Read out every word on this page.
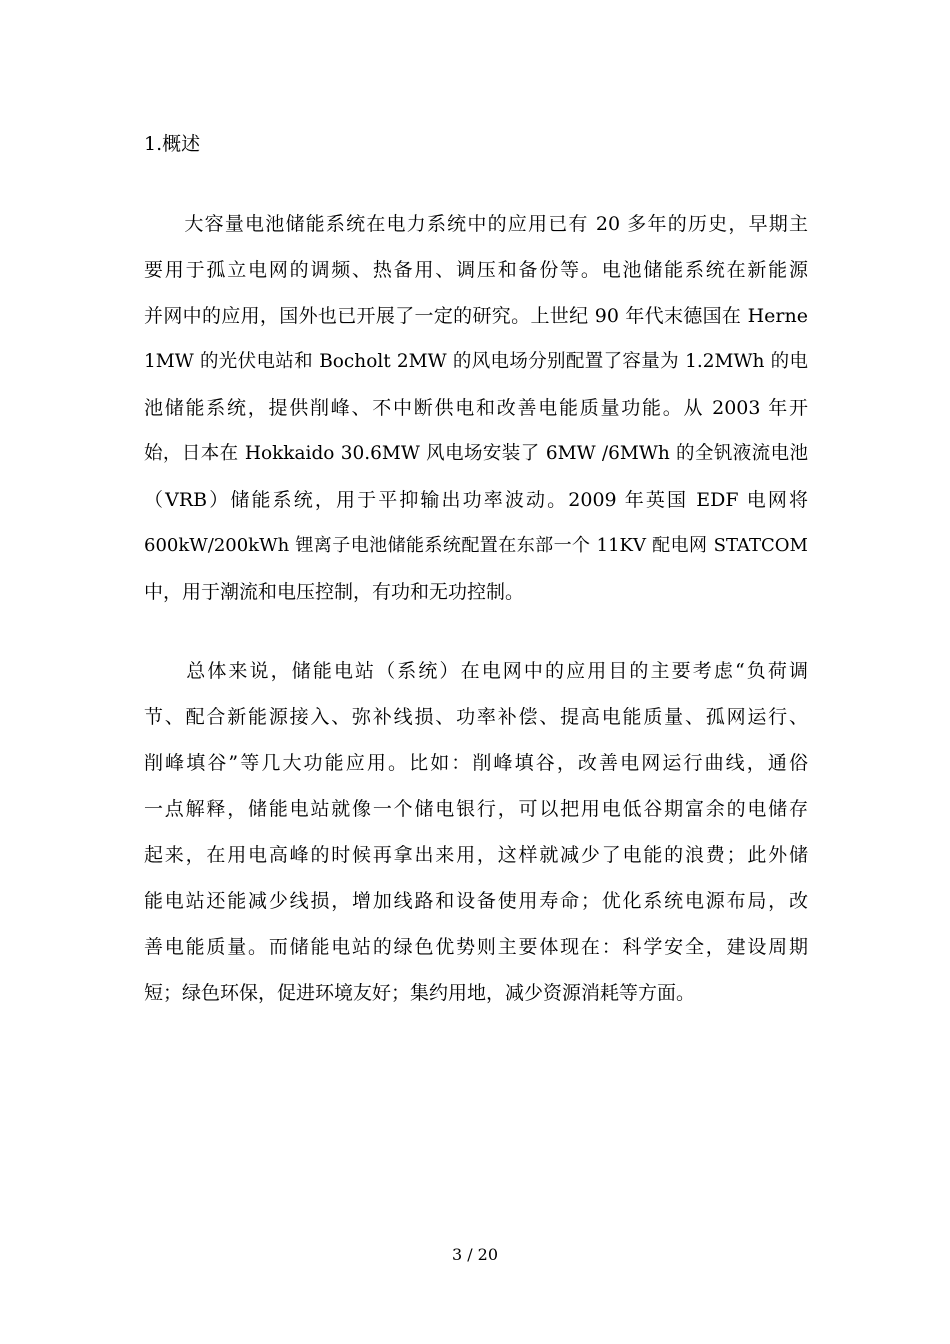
1.概述
　　大容量电池储能系统在电力系统中的应用已有 20 多年的历史，早期主
要用于孤立电网的调频、热备用、调压和备份等。电池储能系统在新能源
并网中的应用，国外也已开展了一定的研究。上世纪 90 年代末德国在 Herne
1MW 的光伏电站和 Bocholt 2MW 的风电场分别配置了容量为 1.2MWh 的电
池储能系统，提供削峰、不中断供电和改善电能质量功能。从 2003 年开
始，日本在 Hokkaido 30.6MW 风电场安装了 6MW /6MWh 的全钒液流电池
（VRB）储能系统，用于平抑输出功率波动。2009 年英国 EDF 电网将
600kW/200kWh 锂离子电池储能系统配置在东部一个 11KV 配电网 STATCOM
中，用于潮流和电压控制，有功和无功控制。
　　总体来说，储能电站（系统）在电网中的应用目的主要考虑“负荷调
节、配合新能源接入、弥补线损、功率补偿、提高电能质量、孤网运行、
削峰填谷”等几大功能应用。比如：削峰填谷，改善电网运行曲线，通俗
一点解释，储能电站就像一个储电银行，可以把用电低谷期富余的电储存
起来，在用电高峰的时候再拿出来用，这样就减少了电能的浪费；此外储
能电站还能减少线损，增加线路和设备使用寿命；优化系统电源布局，改
善电能质量。而储能电站的绿色优势则主要体现在：科学安全，建设周期
短；绿色环保，促进环境友好；集约用地，减少资源消耗等方面。
3 / 20
